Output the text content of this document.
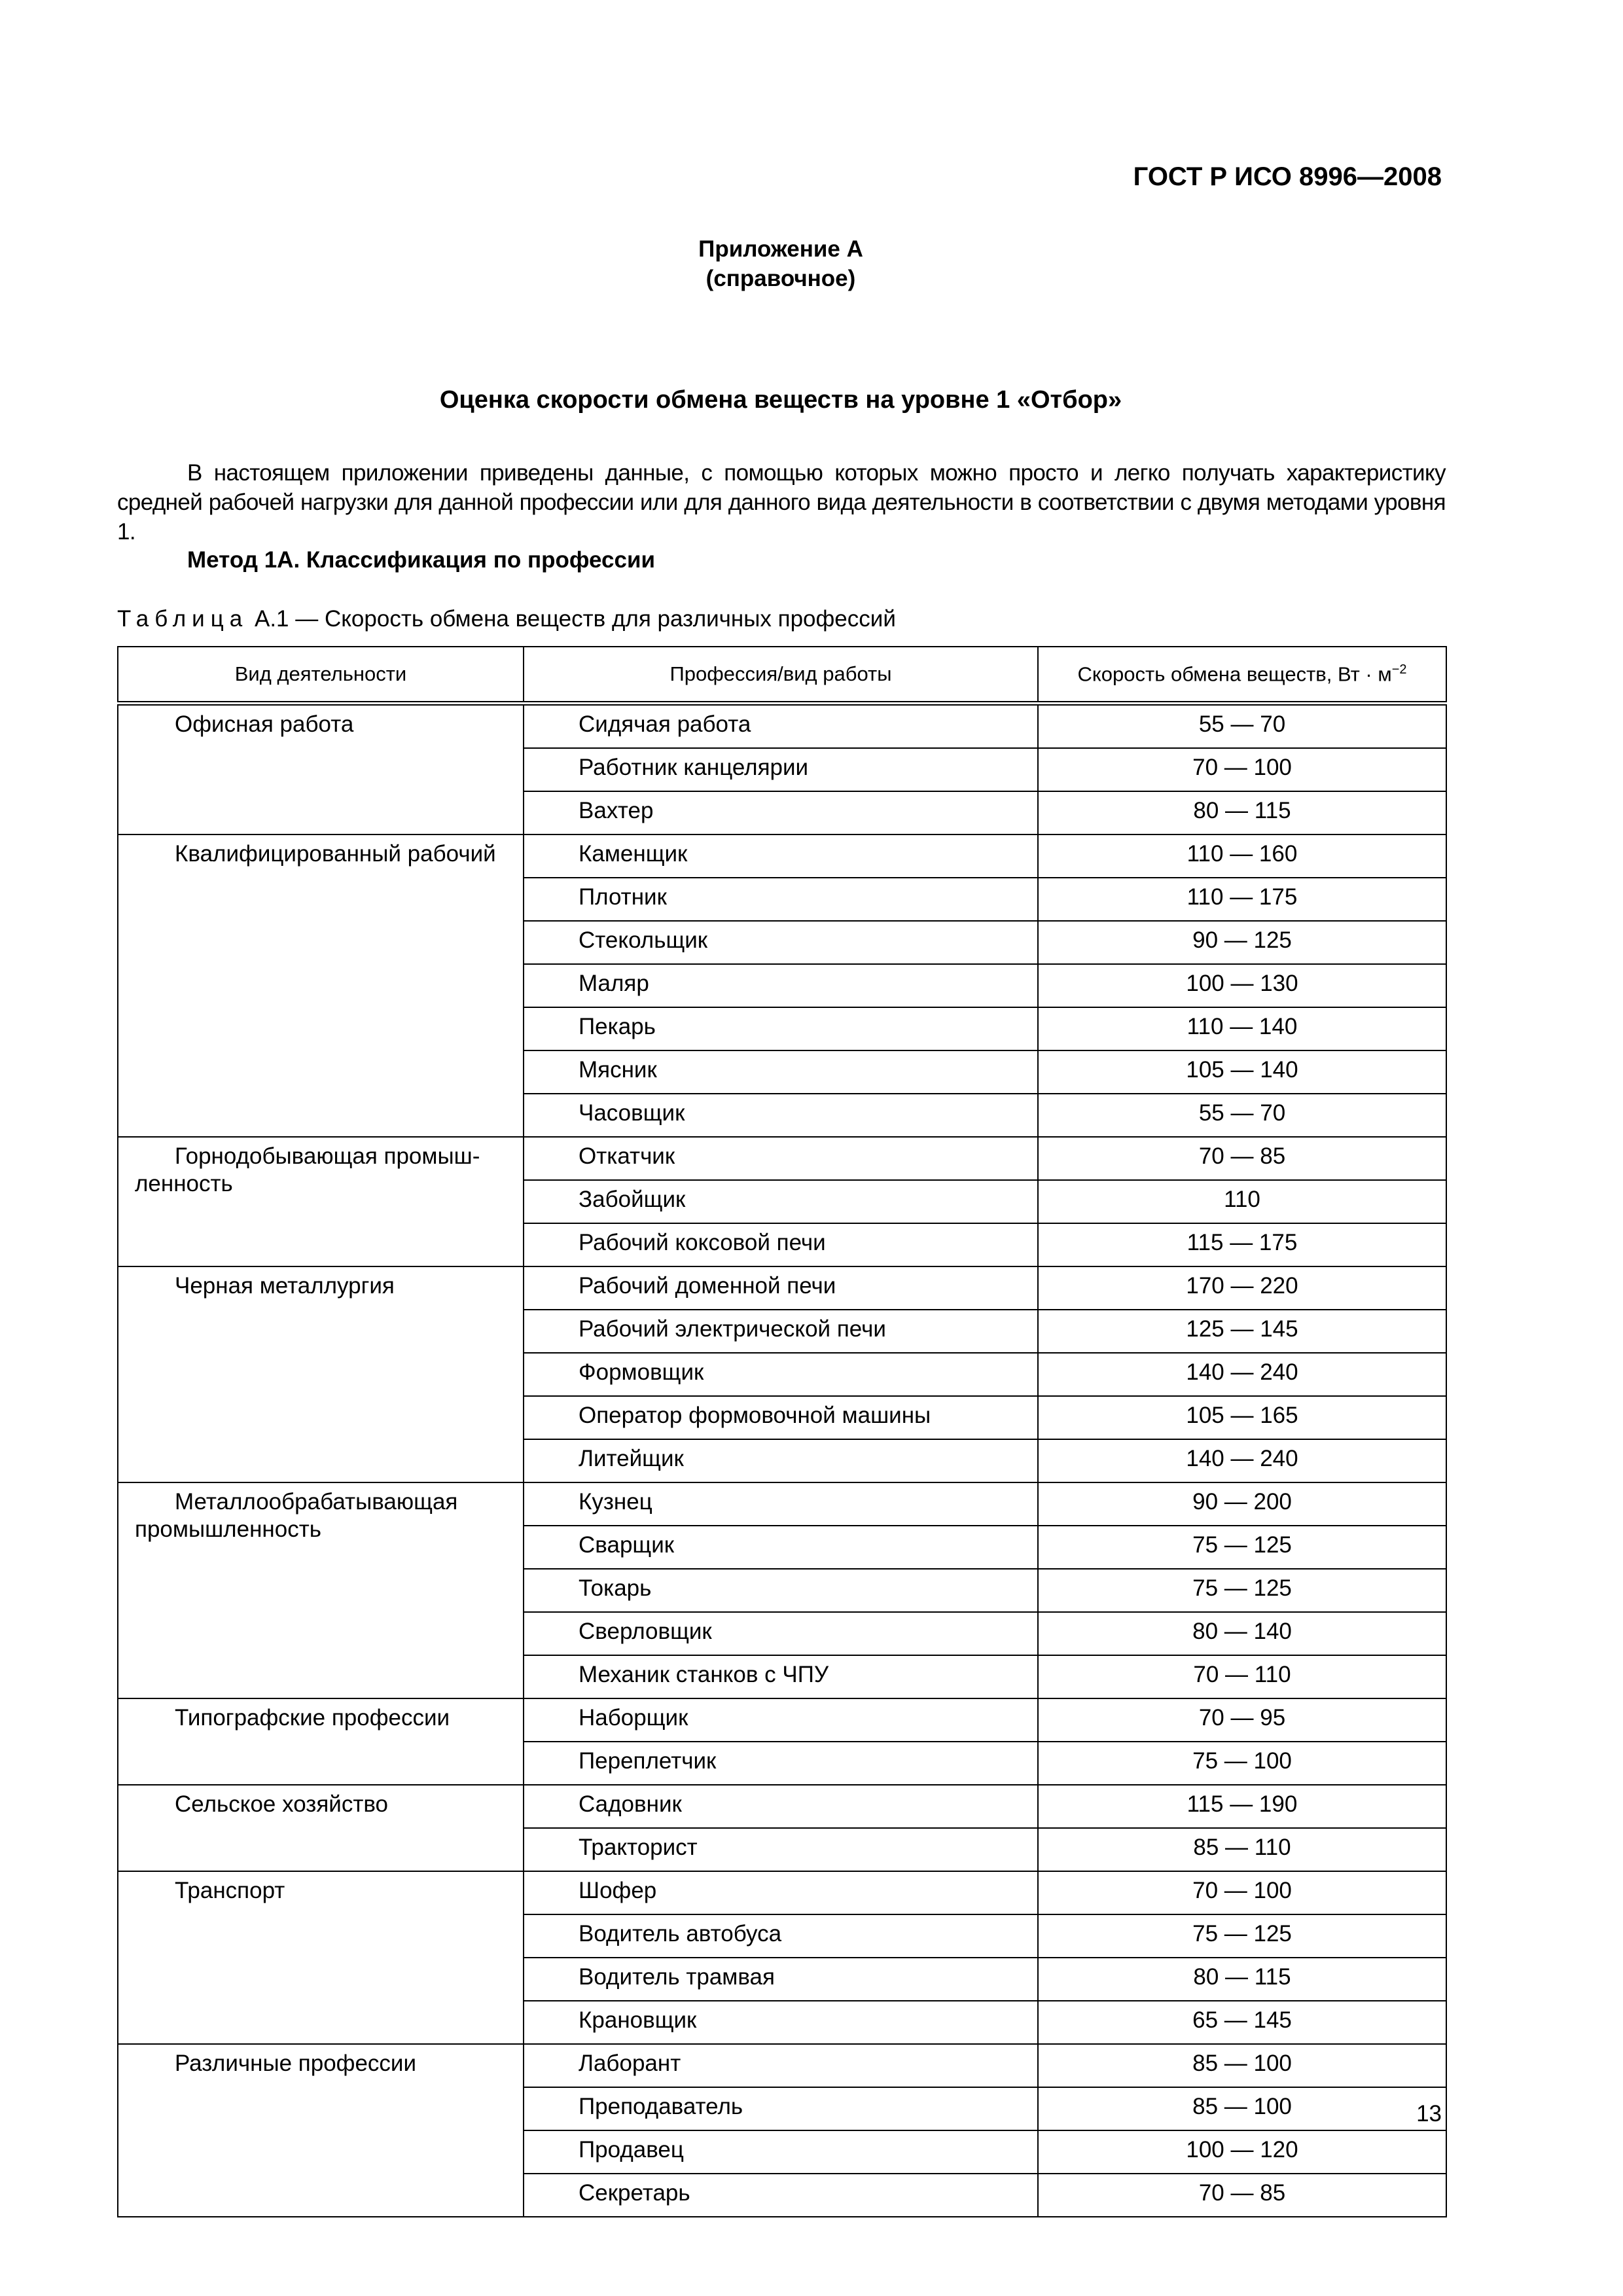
ГОСТ Р ИСО 8996—2008
Приложение А
(справочное)
Оценка скорости обмена веществ на уровне 1 «Отбор»
В настоящем приложении приведены данные, с помощью которых можно просто и легко получать характеристику средней рабочей нагрузки для данной профессии или для данного вида деятельности в соответствии с двумя методами уровня 1.
Метод 1А. Классификация по профессии
Таблица А.1 — Скорость обмена веществ для различных профессий
Вид деятельности	Профессия/вид работы	Скорость обмена веществ, Вт · $м^{-2}$
Офисная работа	Сидячая работа	55 — 70
	Работник канцелярии	70 — 100
	Вахтер	80 — 115
Квалифицированный рабочий	Каменщик	110 — 160
	Плотник	110 — 175
	Стекольщик	90 — 125
	Маляр	100 — 130
	Пекарь	110 — 140
	Мясник	105 — 140
	Часовщик	55 — 70
Горнодобывающая промыш-ленность	Откатчик	70 — 85
	Забойщик	110
	Рабочий коксовой печи	115 — 175
Черная металлургия	Рабочий доменной печи	170 — 220
	Рабочий электрической печи	125 — 145
	Формовщик	140 — 240
	Оператор формовочной машины	105 — 165
	Литейщик	140 — 240
Металлообрабатывающая промышленность	Кузнец	90 — 200
	Сварщик	75 — 125
	Токарь	75 — 125
	Сверловщик	80 — 140
	Механик станков с ЧПУ	70 — 110
Типографские профессии	Наборщик	70 — 95
	Переплетчик	75 — 100
Сельское хозяйство	Садовник	115 — 190
	Тракторист	85 — 110
Транспорт	Шофер	70 — 100
	Водитель автобуса	75 — 125
	Водитель трамвая	80 — 115
	Крановщик	65 — 145
Различные профессии	Лаборант	85 — 100
	Преподаватель	85 — 100
	Продавец	100 — 120
	Секретарь	70 — 85
13
